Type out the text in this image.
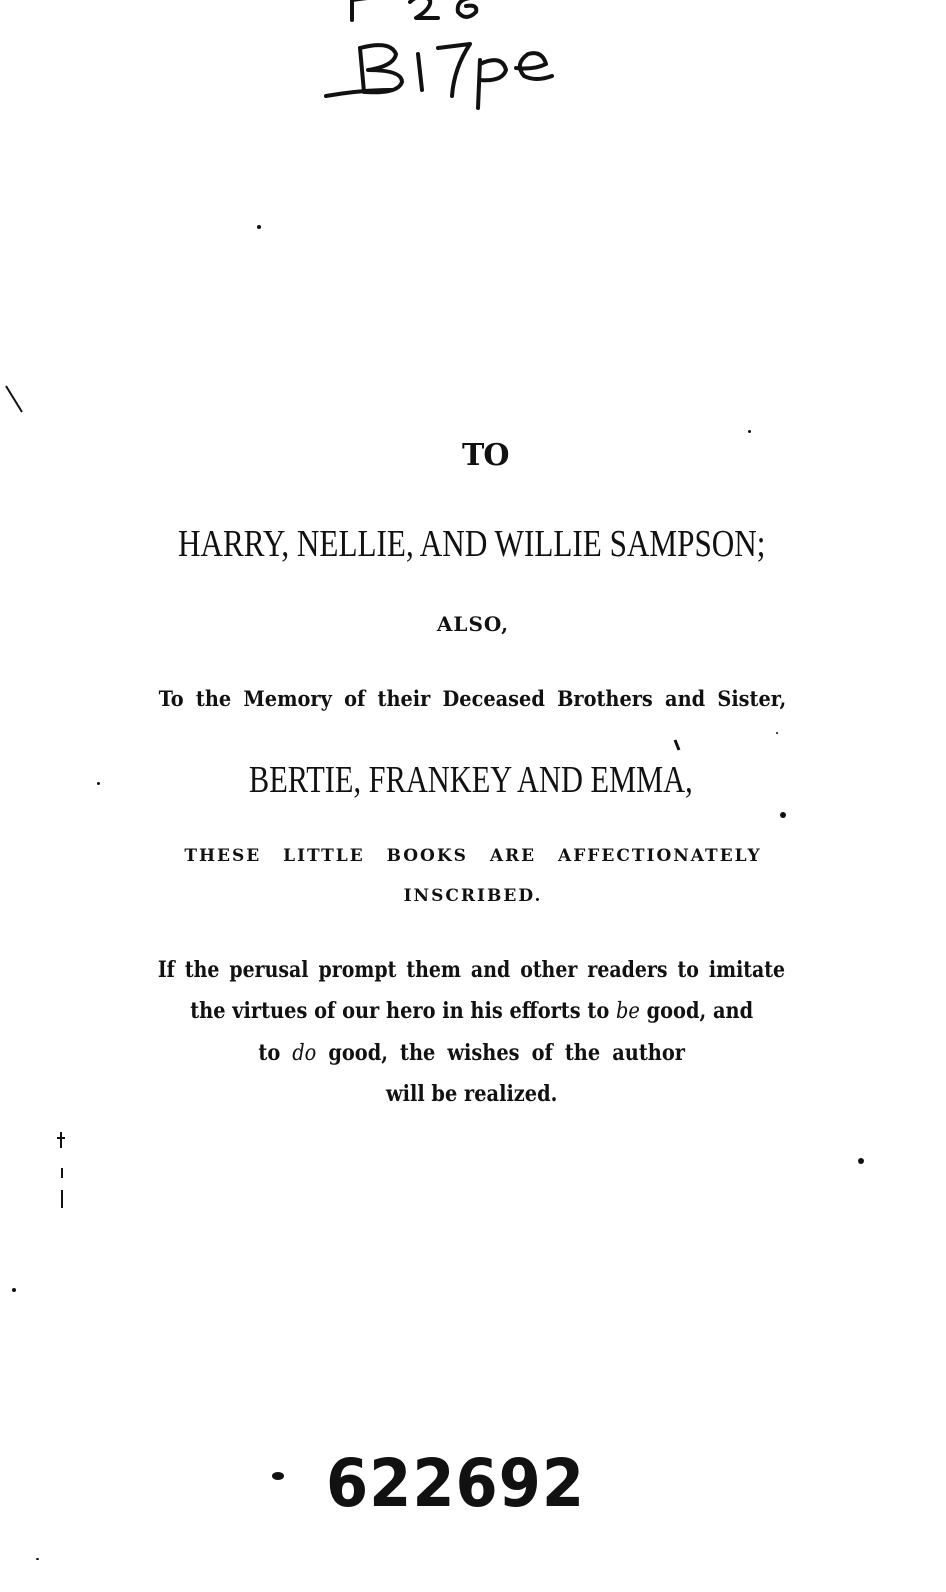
TO
HARRY, NELLIE, AND WILLIE SAMPSON;
ALSO,
To the Memory of their Deceased Brothers and Sister,
BERTIE, FRANKEY AND EMMA,
THESE LITTLE BOOKS ARE AFFECTIONATELY
INSCRIBED.
If the perusal prompt them and other readers to imitate
the virtues of our hero in his efforts to be good, and
to do good, the wishes of the author
will be realized.
622692
